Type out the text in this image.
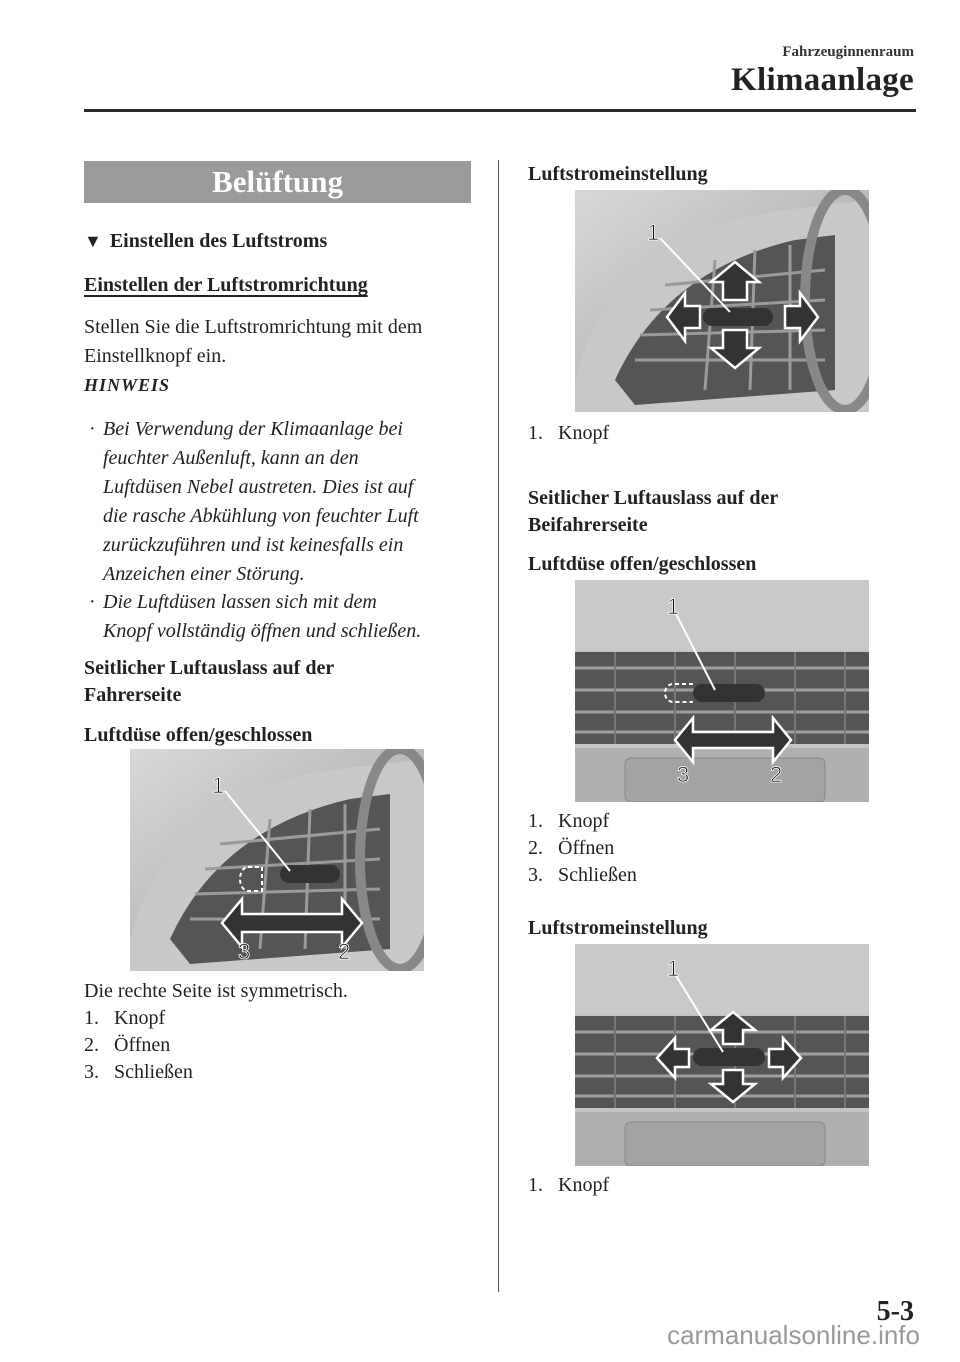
Fahrzeuginnenraum
Klimaanlage
Belüftung
▼ Einstellen des Luftstroms
Einstellen der Luftstromrichtung
Stellen Sie die Luftstromrichtung mit dem
Einstellknopf ein.
HINWEIS
· Bei Verwendung der Klimaanlage bei
feuchter Außenluft, kann an den
Luftdüsen Nebel austreten. Dies ist auf
die rasche Abkühlung von feuchter Luft
zurückzuführen und ist keinesfalls ein
Anzeichen einer Störung.
· Die Luftdüsen lassen sich mit dem
Knopf vollständig öffnen und schließen.
Seitlicher Luftauslass auf der
Fahrerseite
Luftdüse offen/geschlossen
1
3	2
Die rechte Seite ist symmetrisch.
1. Knopf
2. Öffnen
3. Schließen
Luftstromeinstellung
1
1. Knopf
Seitlicher Luftauslass auf der
Beifahrerseite
Luftdüse offen/geschlossen
1
3	2
1. Knopf
2. Öffnen
3. Schließen
Luftstromeinstellung
1
1. Knopf
5-3
carmanualsonline.info
